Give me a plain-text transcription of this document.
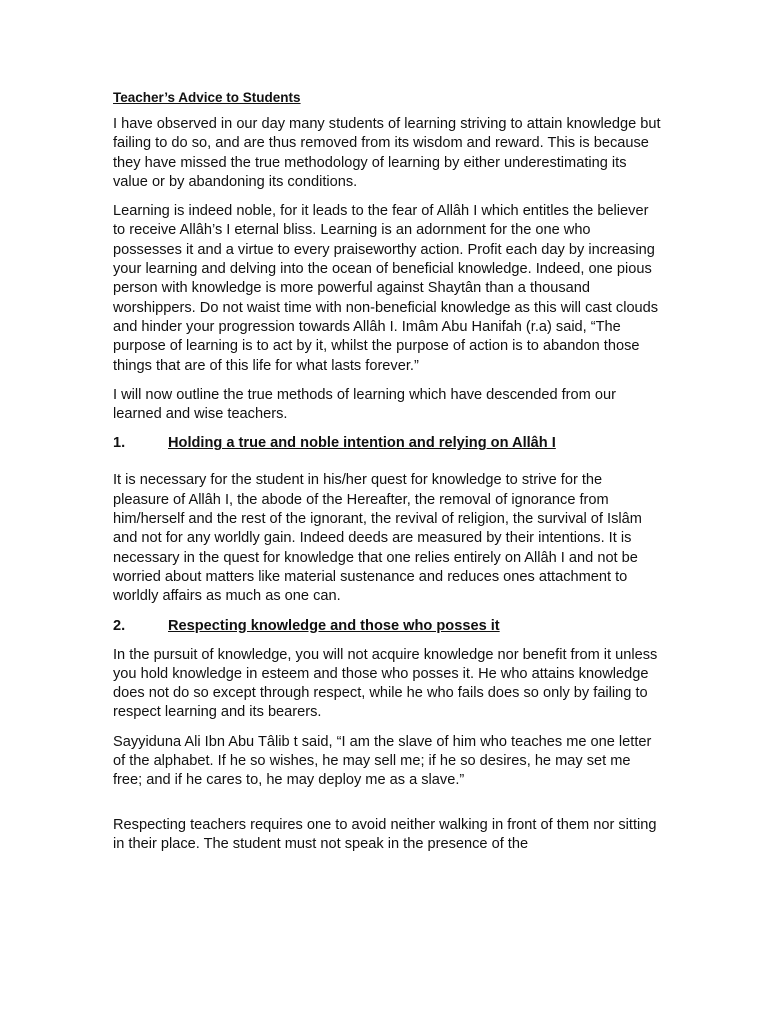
Teacher’s Advice to Students

I have observed in our day many students of learning striving to attain knowledge but failing to do so, and are thus removed from its wisdom and reward. This is because they have missed the true methodology of learning by either underestimating its value or by abandoning its conditions.

Learning is indeed noble, for it leads to the fear of Allâh I which entitles the believer to receive Allâh’s I eternal bliss. Learning is an adornment for the one who possesses it and a virtue to every praiseworthy action. Profit each day by increasing your learning and delving into the ocean of beneficial knowledge. Indeed, one pious person with knowledge is more powerful against Shaytân than a thousand worshippers. Do not waist time with non-beneficial knowledge as this will cast clouds and hinder your progression towards Allâh I. Imâm Abu Hanifah (r.a) said, “The purpose of learning is to act by it, whilst the purpose of action is to abandon those things that are of this life for what lasts forever.”

I will now outline the true methods of learning which have descended from our learned and wise teachers.

1.	Holding a true and noble intention and relying on Allâh I

It is necessary for the student in his/her quest for knowledge to strive for the pleasure of Allâh I, the abode of the Hereafter, the removal of ignorance from him/herself and the rest of the ignorant, the revival of religion, the survival of Islâm and not for any worldly gain. Indeed deeds are measured by their intentions. It is necessary in the quest for knowledge that one relies entirely on Allâh I and not be worried about matters like material sustenance and reduces ones attachment to worldly affairs as much as one can.

2.	Respecting knowledge and those who posses it

In the pursuit of knowledge, you will not acquire knowledge nor benefit from it unless you hold knowledge in esteem and those who posses it. He who attains knowledge does not do so except through respect, while he who fails does so only by failing to respect learning and its bearers.

Sayyiduna Ali Ibn Abu Tâlib t said, “I am the slave of him who teaches me one letter of the alphabet. If he so wishes, he may sell me; if he so desires, he may set me free; and if he cares to, he may deploy me as a slave.”

Respecting teachers requires one to avoid neither walking in front of them nor sitting in their place. The student must not speak in the presence of the
